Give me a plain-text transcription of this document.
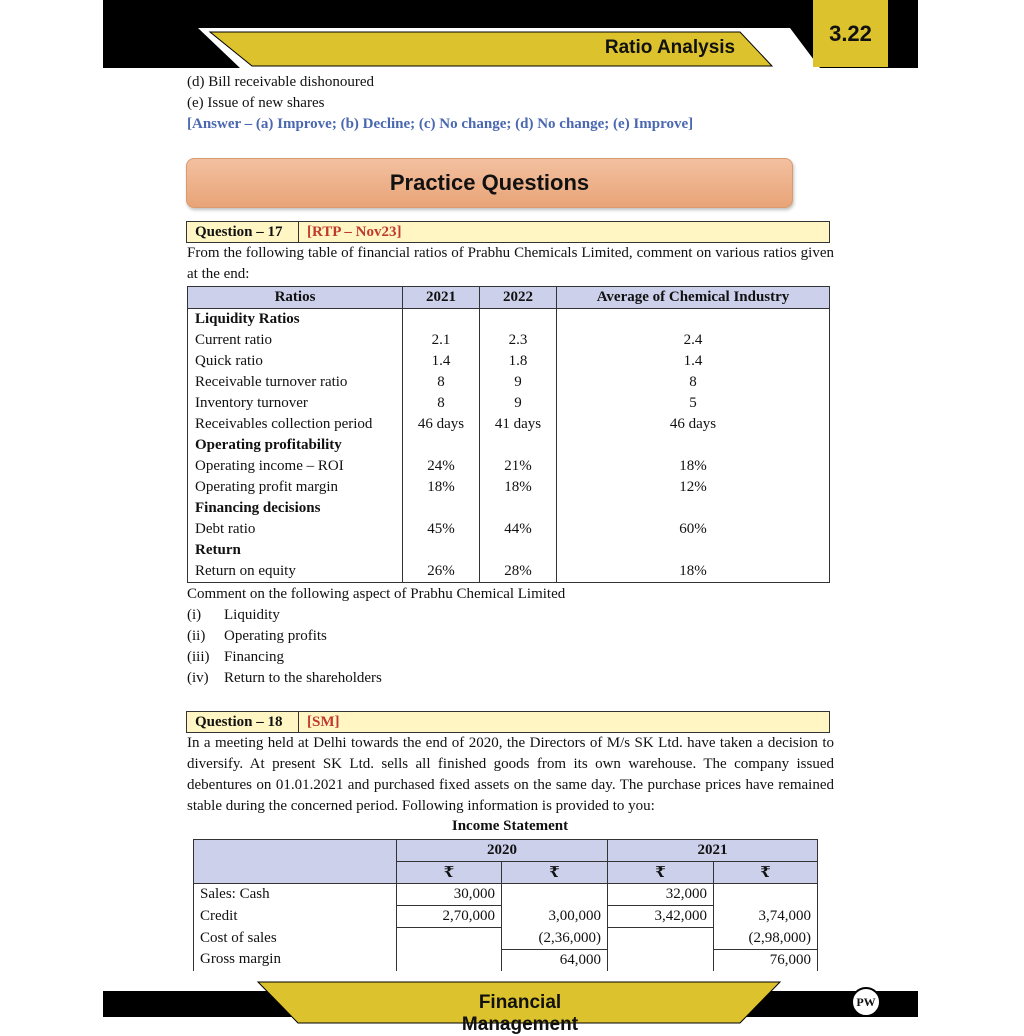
Ratio Analysis
3.22
(d) Bill receivable dishonoured
(e) Issue of new shares
[Answer – (a) Improve; (b) Decline; (c) No change; (d) No change; (e) Improve]
Practice Questions
Question – 17	[RTP – Nov23]
From the following table of financial ratios of Prabhu Chemicals Limited, comment on various ratios given at the end:
Ratios	2021	2022	Average of Chemical Industry
Liquidity Ratios			
Current ratio	2.1	2.3	2.4
Quick ratio	1.4	1.8	1.4
Receivable turnover ratio	8	9	8
Inventory turnover	8	9	5
Receivables collection period	46 days	41 days	46 days
Operating profitability			
Operating income – ROI	24%	21%	18%
Operating profit margin	18%	18%	12%
Financing decisions			
Debt ratio	45%	44%	60%
Return			
Return on equity	26%	28%	18%
Comment on the following aspect of Prabhu Chemical Limited
(i) Liquidity
(ii) Operating profits
(iii) Financing
(iv) Return to the shareholders
Question – 18	[SM]
In a meeting held at Delhi towards the end of 2020, the Directors of M/s SK Ltd. have taken a decision to diversify. At present SK Ltd. sells all finished goods from its own warehouse. The company issued debentures on 01.01.2021 and purchased fixed assets on the same day. The purchase prices have remained stable during the concerned period. Following information is provided to you:
Income Statement
	2020		2021	
	₹	₹	₹	₹
Sales: Cash	30,000		32,000	
Credit	2,70,000	3,00,000	3,42,000	3,74,000
Cost of sales		(2,36,000)		(2,98,000)
Gross margin		64,000		76,000
Financial Management
PW
